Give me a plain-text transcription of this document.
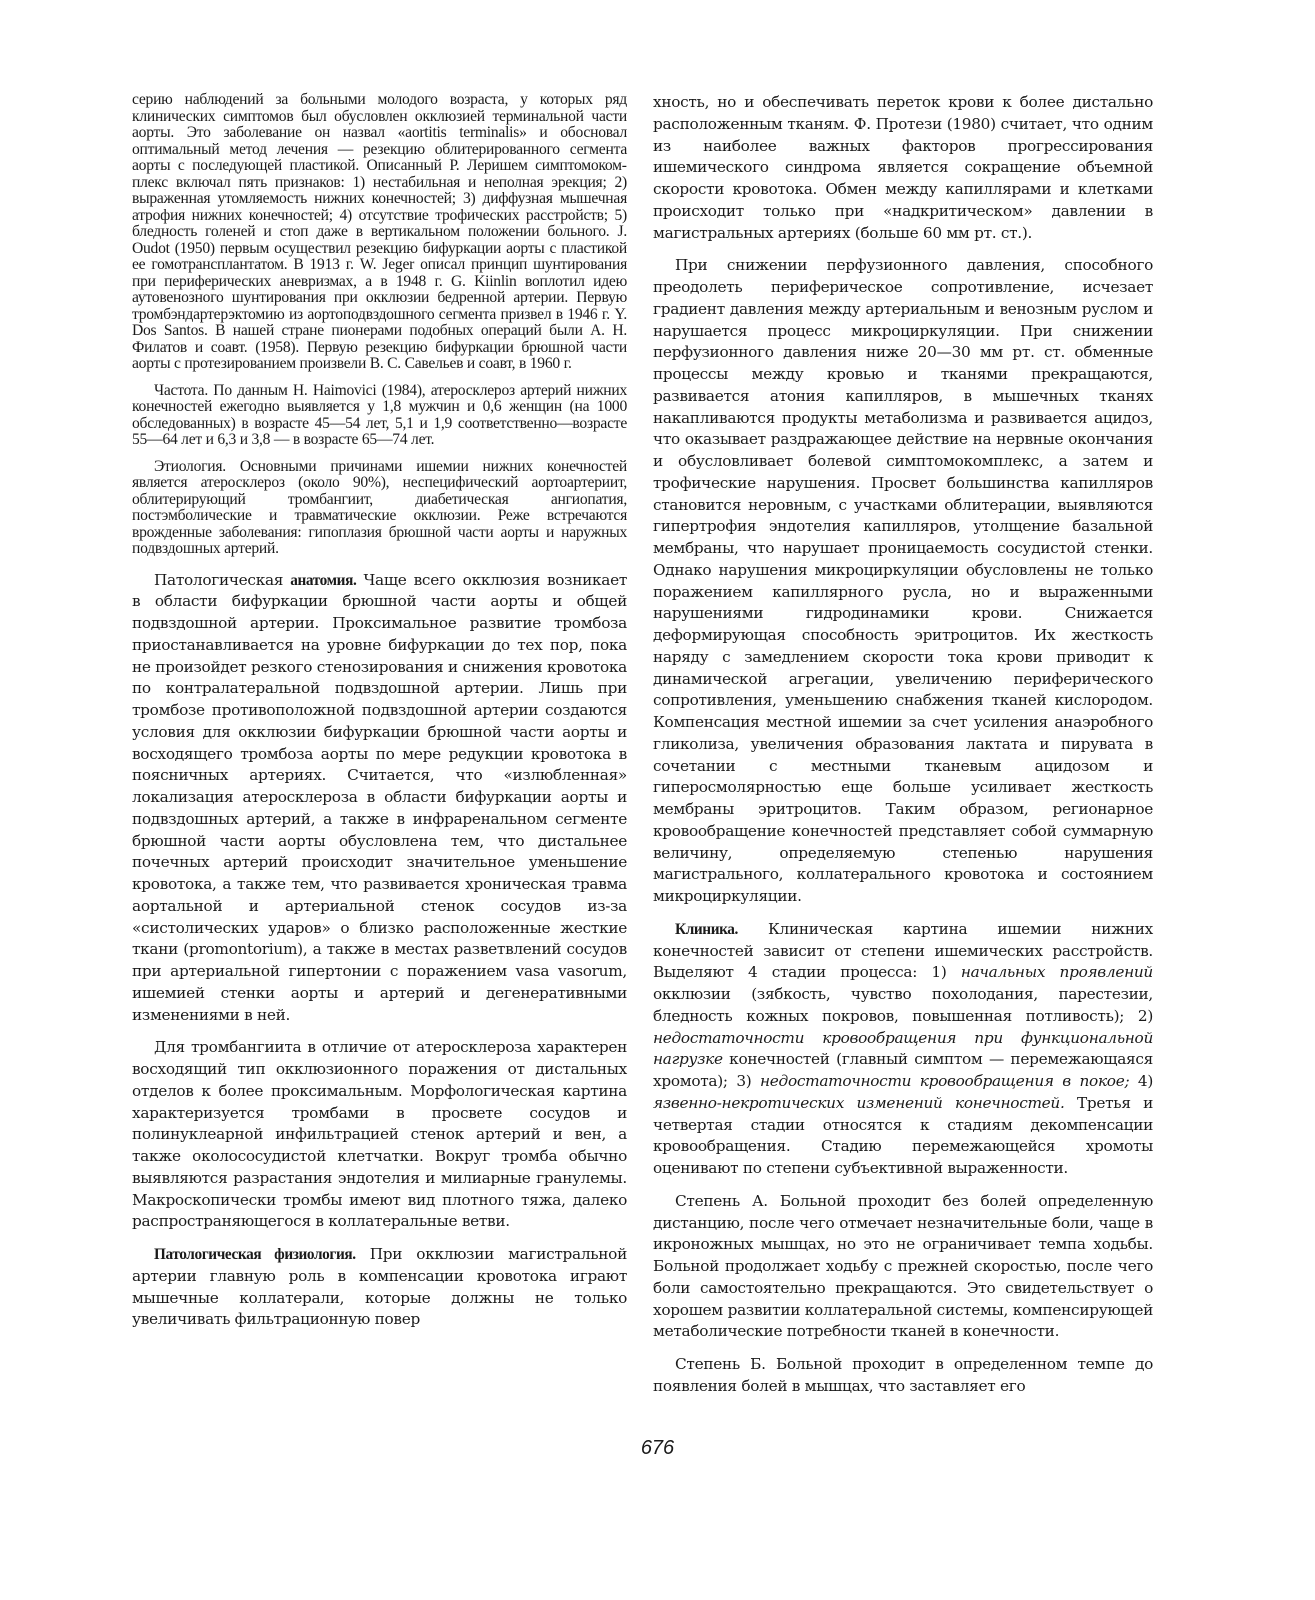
серию наблюдений за больными молодого возраста, у которых ряд клинических симптомов был обусловлен окклюзией терминальной части аорты. Это заболевание он назвал «aortitis terminalis» и обосновал оптимальный метод лечения — резекцию облитерированного сегмента аорты с последующей пластикой. Описанный Р. Леришем симптомокомплекс включал пять признаков: 1) нестабильная и неполная эрекция; 2) выраженная утомляемость нижних конечностей; 3) диффузная мышечная атрофия нижних конечностей; 4) отсутствие трофических расстройств; 5) бледность голеней и стоп даже в вертикальном положении больного. J. Oudot (1950) первым осуществил резекцию бифуркации аорты с пластикой ее гомотрансплантатом. В 1913 г. W. Jeger описал принцип шунтирования при периферических аневризмах, а в 1948 г. G. Kiinlin воплотил идею аутовенозного шунтирования при окклюзии бедренной артерии. Первую тромбэндартерэктомию из аортоподвздошного сегмента призвел в 1946 г. Y. Dos Santos. В нашей стране пионерами подобных операций были А. Н. Филатов и соавт. (1958). Первую резекцию бифуркации брюшной части аорты с протезированием произвели В. С. Савельев и соавт, в 1960 г.

Частота. По данным Н. Haimovici (1984), атеросклероз артерий нижних конечностей ежегодно выявляется у 1,8 мужчин и 0,6 женщин (на 1000 обследованных) в возрасте 45—54 лет, 5,1 и 1,9 соответственно—возрасте 55—64 лет и 6,3 и 3,8 — в возрасте 65—74 лет.

Этиология. Основными причинами ишемии нижних конечностей является атеросклероз (около 90%), неспецифический аортоартериит, облитерирующий тромбангиит, диабетическая ангиопатия, постэмболические и травматические окклюзии. Реже встречаются врожденные заболевания: гипоплазия брюшной части аорты и наружных подвздошных артерий.

Патологическая анатомия. Чаще всего окклюзия возникает в области бифуркации брюшной части аорты и общей подвздошной артерии. Проксимальное развитие тромбоза приостанавливается на уровне бифуркации до тех пор, пока не произойдет резкого стенозирования и снижения кровотока по контралатеральной подвздошной артерии. Лишь при тромбозе противоположной подвздошной артерии создаются условия для окклюзии бифуркации брюшной части аорты и восходящего тромбоза аорты по мере редукции кровотока в поясничных артериях. Считается, что «излюбленная» локализация атеросклероза в области бифуркации аорты и подвздошных артерий, а также в инфраренальном сегменте брюшной части аорты обусловлена тем, что дистальнее почечных артерий происходит значительное уменьшение кровотока, а также тем, что развивается хроническая травма аортальной и артериальной стенок сосудов из-за «систолических ударов» о близко расположенные жесткие ткани (promontorium), а также в местах разветвлений сосудов при артериальной гипертонии с поражением vasa vasorum, ишемией стенки аорты и артерий и дегенеративными изменениями в ней.

Для тромбангиита в отличие от атеросклероза характерен восходящий тип окклюзионного поражения от дистальных отделов к более проксимальным. Морфологическая картина характеризуется тромбами в просвете сосудов и полинуклеарной инфильтрацией стенок артерий и вен, а также околососудистой клетчатки. Вокруг тромба обычно выявляются разрастания эндотелия и милиарные гранулемы. Макроскопически тромбы имеют вид плотного тяжа, далеко распространяющегося в коллатеральные ветви.

Патологическая физиология. При окклюзии магистральной артерии главную роль в компенсации кровотока играют мышечные коллатерали, которые должны не только увеличивать фильтрационную повер

хность, но и обеспечивать переток крови к более дистально расположенным тканям. Ф. Протези (1980) считает, что одним из наиболее важных факторов прогрессирования ишемического синдрома является сокращение объемной скорости кровотока. Обмен между капиллярами и клетками происходит только при «надкритическом» давлении в магистральных артериях (больше 60 мм рт. ст.).

При снижении перфузионного давления, способного преодолеть периферическое сопротивление, исчезает градиент давления между артериальным и венозным руслом и нарушается процесс микроциркуляции. При снижении перфузионного давления ниже 20—30 мм рт. ст. обменные процессы между кровью и тканями прекращаются, развивается атония капилляров, в мышечных тканях накапливаются продукты метаболизма и развивается ацидоз, что оказывает раздражающее действие на нервные окончания и обусловливает болевой симптомокомплекс, а затем и трофические нарушения. Просвет большинства капилляров становится неровным, с участками облитерации, выявляются гипертрофия эндотелия капилляров, утолщение базальной мембраны, что нарушает проницаемость сосудистой стенки. Однако нарушения микроциркуляции обусловлены не только поражением капиллярного русла, но и выраженными нарушениями гидродинамики крови. Снижается деформирующая способность эритроцитов. Их жесткость наряду с замедлением скорости тока крови приводит к динамической агрегации, увеличению периферического сопротивления, уменьшению снабжения тканей кислородом. Компенсация местной ишемии за счет усиления анаэробного гликолиза, увеличения образования лактата и пирувата в сочетании с местными тканевым ацидозом и гиперосмолярностью еще больше усиливает жесткость мембраны эритроцитов. Таким образом, регионарное кровообращение конечностей представляет собой суммарную величину, определяемую степенью нарушения магистрального, коллатерального кровотока и состоянием микроциркуляции.

Клиника. Клиническая картина ишемии нижних конечностей зависит от степени ишемических расстройств. Выделяют 4 стадии процесса: 1) начальных проявлений окклюзии (зябкость, чувство похолодания, парестезии, бледность кожных покровов, повышенная потливость); 2) недостаточности кровообращения при функциональной нагрузке конечностей (главный симптом — перемежающаяся хромота); 3) недостаточности кровообращения в покое; 4) язвенно-некротических изменений конечностей. Третья и четвертая стадии относятся к стадиям декомпенсации кровообращения. Стадию перемежающейся хромоты оценивают по степени субъективной выраженности.

Степень А. Больной проходит без болей определенную дистанцию, после чего отмечает незначительные боли, чаще в икроножных мышцах, но это не ограничивает темпа ходьбы. Больной продолжает ходьбу с прежней скоростью, после чего боли самостоятельно прекращаются. Это свидетельствует о хорошем развитии коллатеральной системы, компенсирующей метаболические потребности тканей в конечности.

Степень Б. Больной проходит в определенном темпе до появления болей в мышцах, что заставляет его

676
